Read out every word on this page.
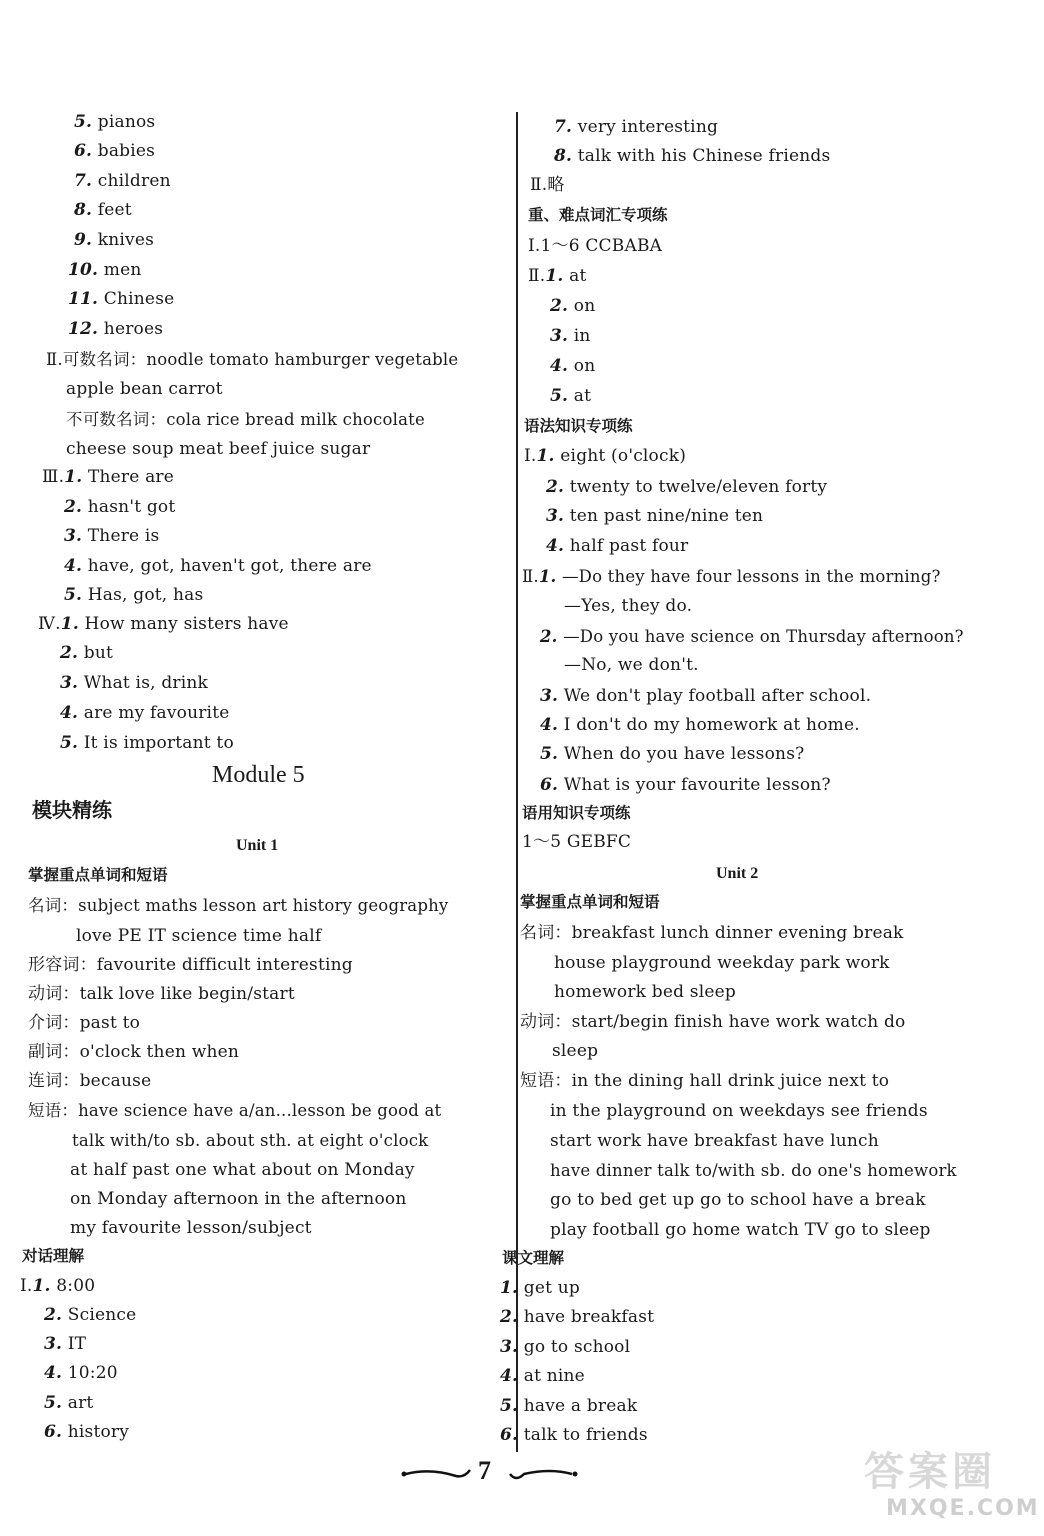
5. pianos
6. babies
7. children
8. feet
9. knives
10. men
11. Chinese
12. heroes
Ⅱ.可数名词：noodle tomato hamburger vegetable
apple bean carrot
不可数名词：cola rice bread milk chocolate
cheese soup meat beef juice sugar
Ⅲ.1. There are
2. hasn't got
3. There is
4. have, got, haven't got, there are
5. Has, got, has
Ⅳ.1. How many sisters have
2. but
3. What is, drink
4. are my favourite
5. It is important to
Module 5
模块精练
Unit 1
掌握重点单词和短语
名词：subject maths lesson art history geography
love PE IT science time half
形容词：favourite difficult interesting
动词：talk love like begin/start
介词：past to
副词：o'clock then when
连词：because
短语：have science have a/an...lesson be good at
talk with/to sb. about sth. at eight o'clock
at half past one what about on Monday
on Monday afternoon in the afternoon
my favourite lesson/subject
对话理解
Ⅰ.1. 8:00
2. Science
3. IT
4. 10:20
5. art
6. history
7. very interesting
8. talk with his Chinese friends
Ⅱ.略
重、难点词汇专项练
Ⅰ.1～6 CCBABA
Ⅱ.1. at
2. on
3. in
4. on
5. at
语法知识专项练
Ⅰ.1. eight (o'clock)
2. twenty to twelve/eleven forty
3. ten past nine/nine ten
4. half past four
Ⅱ.1. —Do they have four lessons in the morning?
—Yes, they do.
2. —Do you have science on Thursday afternoon?
—No, we don't.
3. We don't play football after school.
4. I don't do my homework at home.
5. When do you have lessons?
6. What is your favourite lesson?
语用知识专项练
1～5 GEBFC
Unit 2
掌握重点单词和短语
名词：breakfast lunch dinner evening break
house playground weekday park work
homework bed sleep
动词：start/begin finish have work watch do
sleep
短语：in the dining hall drink juice next to
in the playground on weekdays see friends
start work have breakfast have lunch
have dinner talk to/with sb. do one's homework
go to bed get up go to school have a break
play football go home watch TV go to sleep
课文理解
1. get up
2. have breakfast
3. go to school
4. at nine
5. have a break
6. talk to friends
7	答案圈
MXQE.COM
